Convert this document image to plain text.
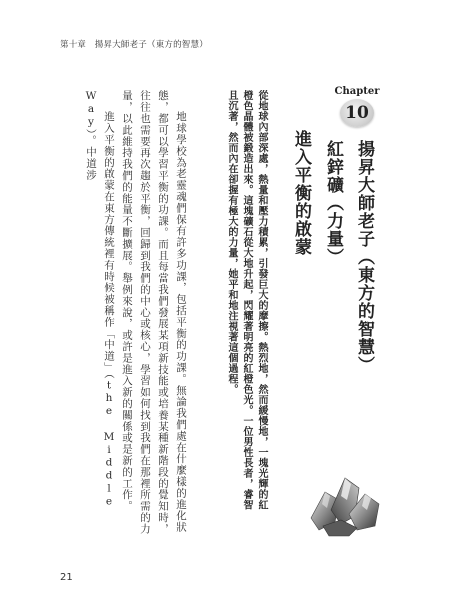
第十章　揚昇大師老子（東方的智慧）
Chapter
10
揚昇大師老子（東方的智慧）
紅鋅礦（力量）
進入平衡的啟蒙
從地球內部深處，熱量和壓力積累，引發巨大的摩擦。熱烈地，然而緩慢地，一塊光輝的紅橙色晶體被鍛造出來。這塊礦石從大地升起，閃耀著明亮的紅橙色光。一位男性長者，睿智且沉著，然而內在卻握有極大的力量，她平和地注視著這個過程。

地球學校為老靈魂們保有許多功課，包括平衡的功課。無論我們處在什麼樣的進化狀態，都可以學習平衡的功課。而且每當我們發展某項新技能或培養某種新階段的覺知時，往往也需要再次趨於平衡，回歸到我們的中心或核心，學習如何找到我們在那裡所需的力量，以此維持我們的能量不斷擴展。舉例來說，或許是進入新的關係或是新的工作。

進入平衡的啟蒙在東方傳統裡有時候被稱作「中道」（the Middle Way）。中道涉

21
